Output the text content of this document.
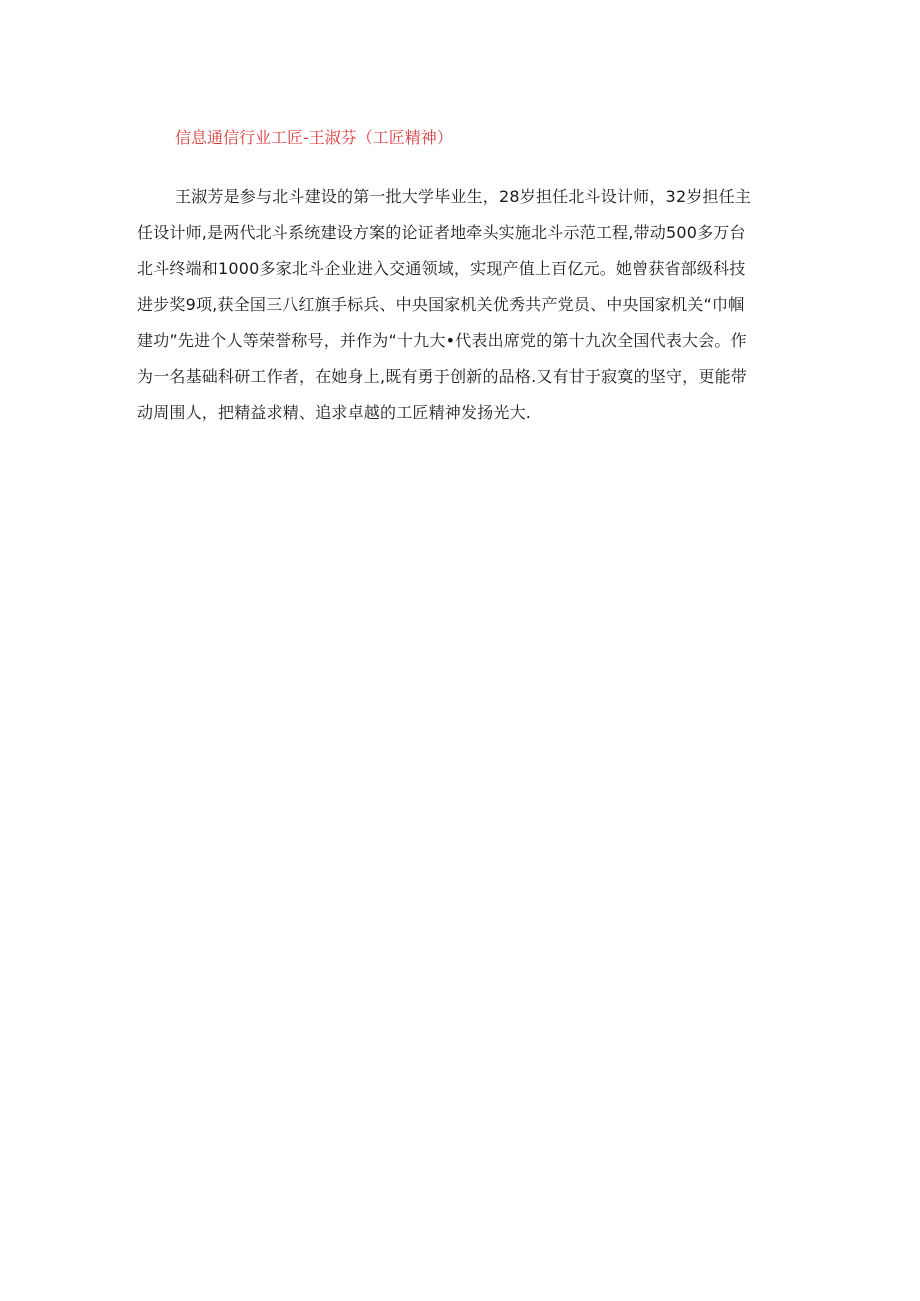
信息通信行业工匠-王淑芬（工匠精神）
王淑芳是参与北斗建设的第一批大学毕业生，28岁担任北斗设计师，32岁担任主
任设计师,是两代北斗系统建设方案的论证者地牵头实施北斗示范工程,带动500多万台
北斗终端和1000多家北斗企业进入交通领域，实现产值上百亿元。她曾获省部级科技
进步奖9项,获全国三八红旗手标兵、中央国家机关优秀共产党员、中央国家机关“巾帼
建功”先进个人等荣誉称号，并作为“十九大•代表出席党的第十九次全国代表大会。作
为一名基础科研工作者，在她身上,既有勇于创新的品格.又有甘于寂寞的坚守，更能带
动周围人，把精益求精、追求卓越的工匠精神发扬光大.
